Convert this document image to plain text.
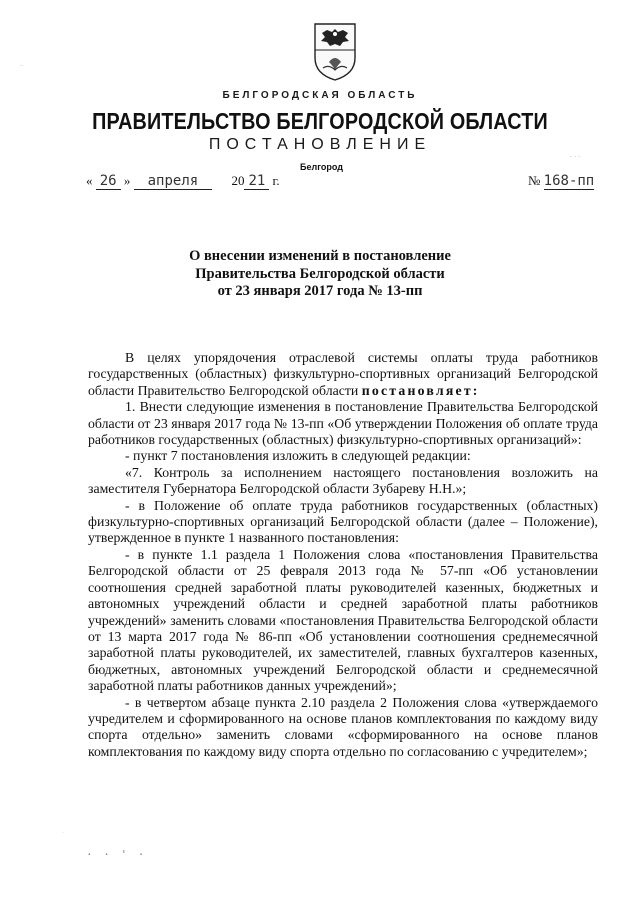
БЕЛГОРОДСКАЯ ОБЛАСТЬ
ПРАВИТЕЛЬСТВО БЕЛГОРОДСКОЙ ОБЛАСТИ
ПОСТАНОВЛЕНИЕ
Белгород
« 26 » апреля	20 21 г.	№ 168-пп
О внесении изменений в постановление
Правительства Белгородской области
от 23 января 2017 года № 13-пп

В целях упорядочения отраслевой системы оплаты труда работников государственных (областных) физкультурно-спортивных организаций Белгородской области Правительство Белгородской области постановляет:

1. Внести следующие изменения в постановление Правительства Белгородской области от 23 января 2017 года № 13-пп «Об утверждении Положения об оплате труда работников государственных (областных) физкультурно-спортивных организаций»:

- пункт 7 постановления изложить в следующей редакции:

«7. Контроль за исполнением настоящего постановления возложить на заместителя Губернатора Белгородской области Зубареву Н.Н.»;

- в Положение об оплате труда работников государственных (областных) физкультурно-спортивных организаций Белгородской области (далее – Положение), утвержденное в пункте 1 названного постановления:

- в пункте 1.1 раздела 1 Положения слова «постановления Правительства Белгородской области от 25 февраля 2013 года № 57-пп «Об установлении соотношения средней заработной платы руководителей казенных, бюджетных и автономных учреждений области и средней заработной платы работников учреждений» заменить словами «постановления Правительства Белгородской области от 13 марта 2017 года № 86-пп «Об установлении соотношения среднемесячной заработной платы руководителей, их заместителей, главных бухгалтеров казенных, бюджетных, автономных учреждений Белгородской области и среднемесячной заработной платы работников данных учреждений»;

- в четвертом абзаце пункта 2.10 раздела 2 Положения слова «утверждаемого учредителем и сформированного на основе планов комплектования по каждому виду спорта отдельно» заменить словами «сформированного на основе планов комплектования по каждому виду спорта отдельно по согласованию с учредителем»;

–
- - -
·
· · ' ·
